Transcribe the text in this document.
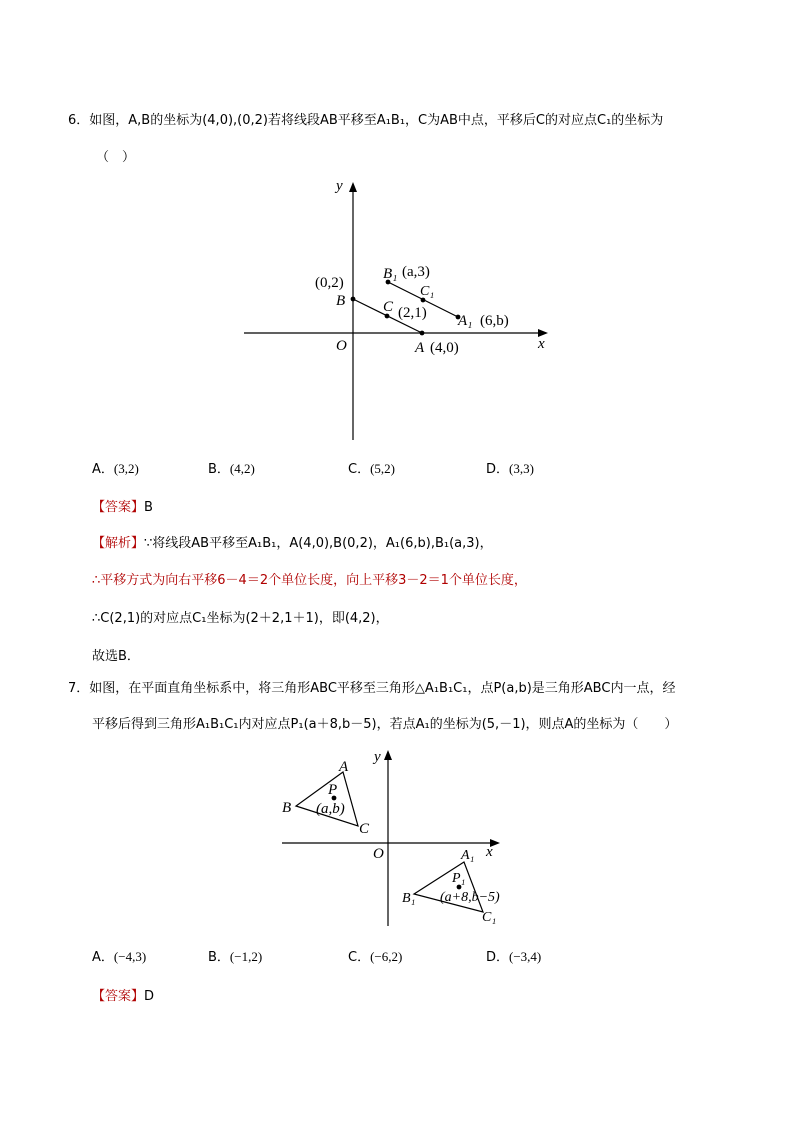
6．如图，A,B的坐标为(4,0),(0,2)若将线段AB平移至A₁B₁，C为AB中点，平移后C的对应点C₁的坐标为
（　）
y
x
O
(0,2)
B
B₁ (a,3)
C₁
C (2,1) A₁ (6,b)
A (4,0)
A．(3,2)	B．(4,2)	C．(5,2)	D．(3,3)
【答案】B
【解析】∵将线段AB平移至A₁B₁，A(4,0),B(0,2)，A₁(6,b),B₁(a,3)，
∴平移方式为向右平移6－4＝2个单位长度，向上平移3－2＝1个单位长度，
∴C(2,1)的对应点C₁坐标为(2＋2,1＋1)，即(4,2)，
故选B．
7．如图，在平面直角坐标系中，将三角形ABC平移至三角形△A₁B₁C₁，点P(a,b)是三角形ABC内一点，经
平移后得到三角形A₁B₁C₁内对应点P₁(a＋8,b－5)，若点A₁的坐标为(5,－1)，则点A的坐标为（　　）
y
x
O
A
B
C
P
(a,b)
A₁
B₁
C₁
P₁
(a+8,b−5)
A．(−4,3)	B．(−1,2)	C．(−6,2)	D．(−3,4)
【答案】D
